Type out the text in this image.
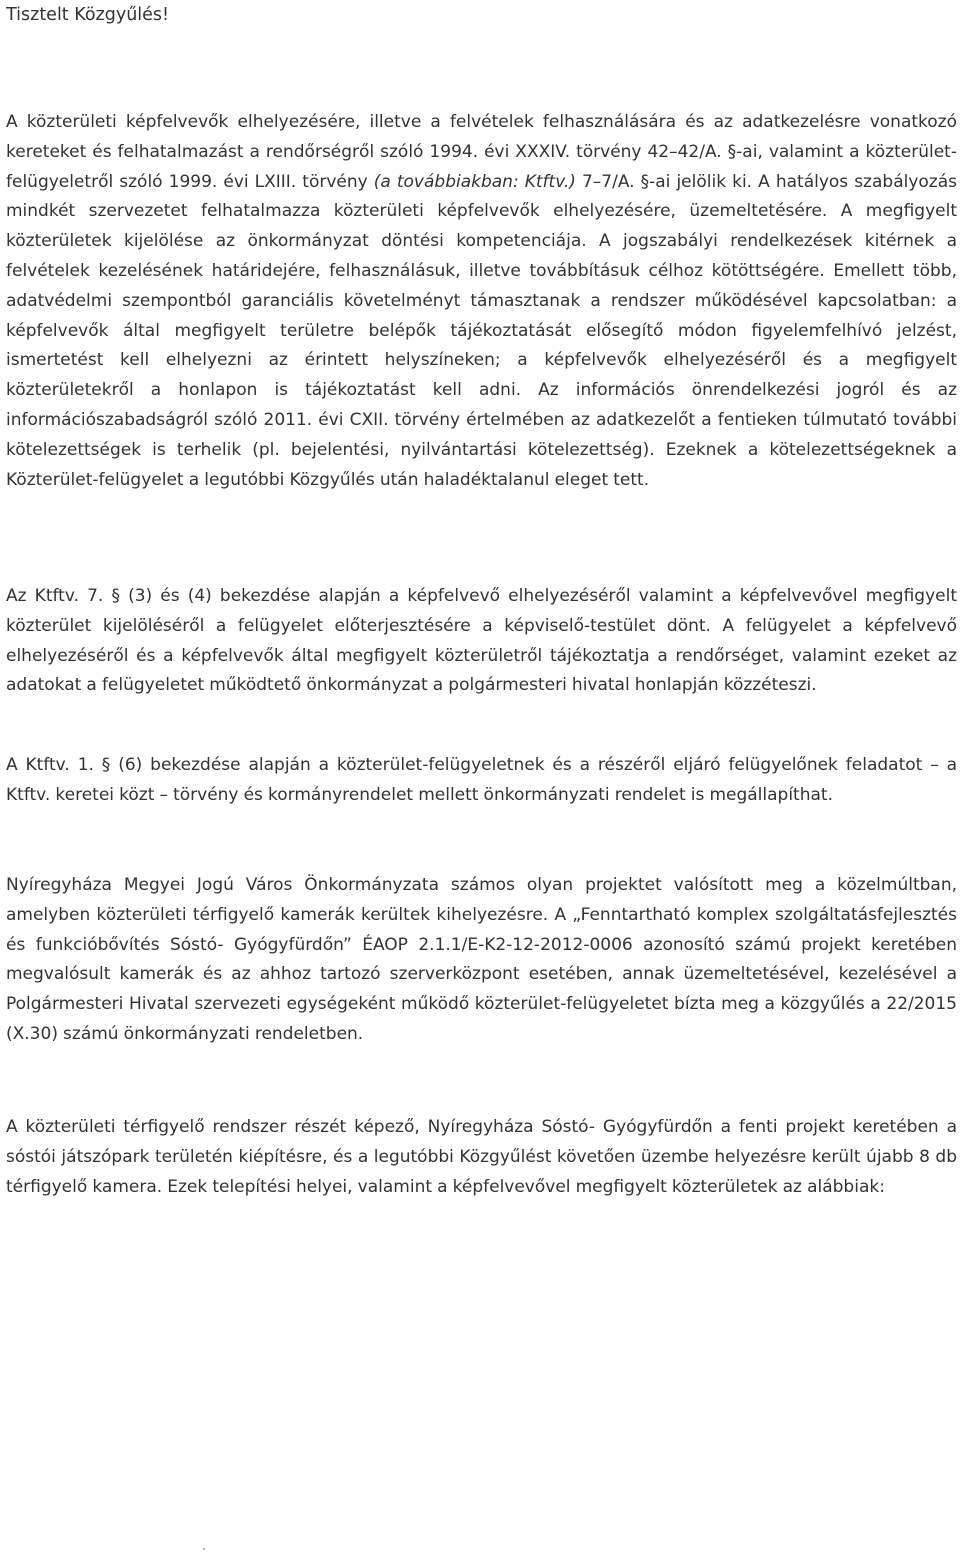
Tisztelt Közgyűlés!

A közterületi képfelvevők elhelyezésére, illetve a felvételek felhasználására és az adatkezelésre vonatkozó kereteket és felhatalmazást a rendőrségről szóló 1994. évi XXXIV. törvény 42–42/A. §-ai, valamint a közterület-felügyeletről szóló 1999. évi LXIII. törvény (a továbbiakban: Ktftv.) 7–7/A. §-ai jelölik ki. A hatályos szabályozás mindkét szervezetet felhatalmazza közterületi képfelvevők elhelyezésére, üzemeltetésére. A megfigyelt közterületek kijelölése az önkormányzat döntési kompetenciája. A jogszabályi rendelkezések kitérnek a felvételek kezelésének határidejére, felhasználásuk, illetve továbbításuk célhoz kötöttségére. Emellett több, adatvédelmi szempontból garanciális követelményt támasztanak a rendszer működésével kapcsolatban: a képfelvevők által megfigyelt területre belépők tájékoztatását elősegítő módon figyelemfelhívó jelzést, ismertetést kell elhelyezni az érintett helyszíneken; a képfelvevők elhelyezéséről és a megfigyelt közterületekről a honlapon is tájékoztatást kell adni. Az információs önrendelkezési jogról és az információszabadságról szóló 2011. évi CXII. törvény értelmében az adatkezelőt a fentieken túlmutató további kötelezettségek is terhelik (pl. bejelentési, nyilvántartási kötelezettség). Ezeknek a kötelezettségeknek a Közterület-felügyelet a legutóbbi Közgyűlés után haladéktalanul eleget tett.

Az Ktftv. 7. § (3) és (4) bekezdése alapján a képfelvevő elhelyezéséről valamint a képfelvevővel megfigyelt közterület kijelöléséről a felügyelet előterjesztésére a képviselő-testület dönt. A felügyelet a képfelvevő elhelyezéséről és a képfelvevők által megfigyelt közterületről tájékoztatja a rendőrséget, valamint ezeket az adatokat a felügyeletet működtető önkormányzat a polgármesteri hivatal honlapján közzéteszi.

A Ktftv. 1. § (6) bekezdése alapján a közterület-felügyeletnek és a részéről eljáró felügyelőnek feladatot – a Ktftv. keretei közt – törvény és kormányrendelet mellett önkormányzati rendelet is megállapíthat.

Nyíregyháza Megyei Jogú Város Önkormányzata számos olyan projektet valósított meg a közelmúltban, amelyben közterületi térfigyelő kamerák kerültek kihelyezésre. A „Fenntartható komplex szolgáltatásfejlesztés és funkcióbővítés Sóstó- Gyógyfürdőn” ÉAOP 2.1.1/E-K2-12-2012-0006 azonosító számú projekt keretében megvalósult kamerák és az ahhoz tartozó szerverközpont esetében, annak üzemeltetésével, kezelésével a Polgármesteri Hivatal szervezeti egységeként működő közterület-felügyeletet bízta meg a közgyűlés a 22/2015 (X.30) számú önkormányzati rendeletben.

A közterületi térfigyelő rendszer részét képező, Nyíregyháza Sóstó- Gyógyfürdőn a fenti projekt keretében a sóstói játszópark területén kiépítésre, és a legutóbbi Közgyűlést követően üzembe helyezésre került újabb 8 db térfigyelő kamera. Ezek telepítési helyei, valamint a képfelvevővel megfigyelt közterületek az alábbiak:
